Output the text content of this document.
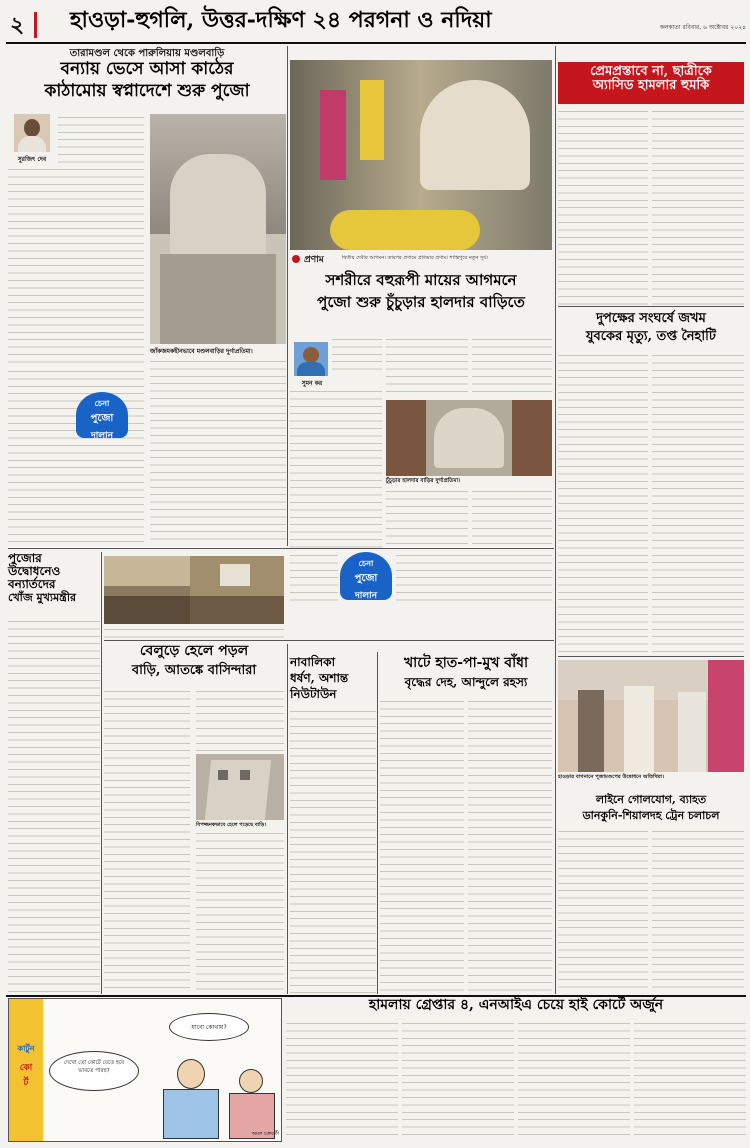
২ হাওড়া-হুগলি, উত্তর-দক্ষিণ ২৪ পরগনা ও নদিয়া	কলকাতা রবিবার, ৬ অক্টোবর ২০২৪
তারামণ্ডল থেকে পারুলিয়ায় মণ্ডলবাড়ি
বন্যায় ভেসে আসা কাঠের
কাঠামোয় স্বপ্নাদেশে শুরু পুজো
সুরজিৎ দেব
জাঁকজমকহীনভাবে মণ্ডলবাড়ির দুর্গাপ্রতিমা।
চেনা
পুজো
দালান
প্রণাম	দ্বিতীয় দেবীর আগমন। তারপর প্রণামে প্রতিমার প্রণাম। শান্তিপুরে নতুন সূর্য।
সশরীরে বহুরূপী মায়ের আগমনে
পুজো শুরু চুঁচুড়ার হালদার বাড়িতে
সুমন কর
চুঁচুড়ার হালদার বাড়ির দুর্গাপ্রতিমা।
চেনা
পুজো
দালান
প্রেমপ্রস্তাবে না, ছাত্রীকে
অ্যাসিড হামলার হুমকি
দুপক্ষের সংঘর্ষে জখম
যুবকের মৃত্যু, তপ্ত নৈহাটি
পুজোর
উদ্বোধনেও
বন্যার্তদের
খোঁজ মুখ্যমন্ত্রীর
বেলুড়ে হেলে পড়ল
বাড়ি, আতঙ্কে বাসিন্দারা
বিপজ্জনকভাবে হেলে পড়েছে বাড়ি।
নাবালিকা
ধর্ষণ, অশান্ত
নিউটাউন
খাটে হাত-পা-মুখ বাঁধা
বৃদ্ধের দেহ, আন্দুলে রহস্য
হাওড়ার বাগনানে পূজামণ্ডপের উদ্বোধনে অতিথিরা।
লাইনে গোলযোগ, ব্যাহত
ডানকুনি-শিয়ালদহ ট্রেন চলাচল
হামলায় গ্রেপ্তার ৪, এনআইএ চেয়ে হাই কোর্টে অর্জুন
কার্টুন
কো
র্ট
দেখো তো কোর্টে যেতে হবে ভাবতে পারছ?
যাবো কোথায়?
অমল চক্রবর্তী
